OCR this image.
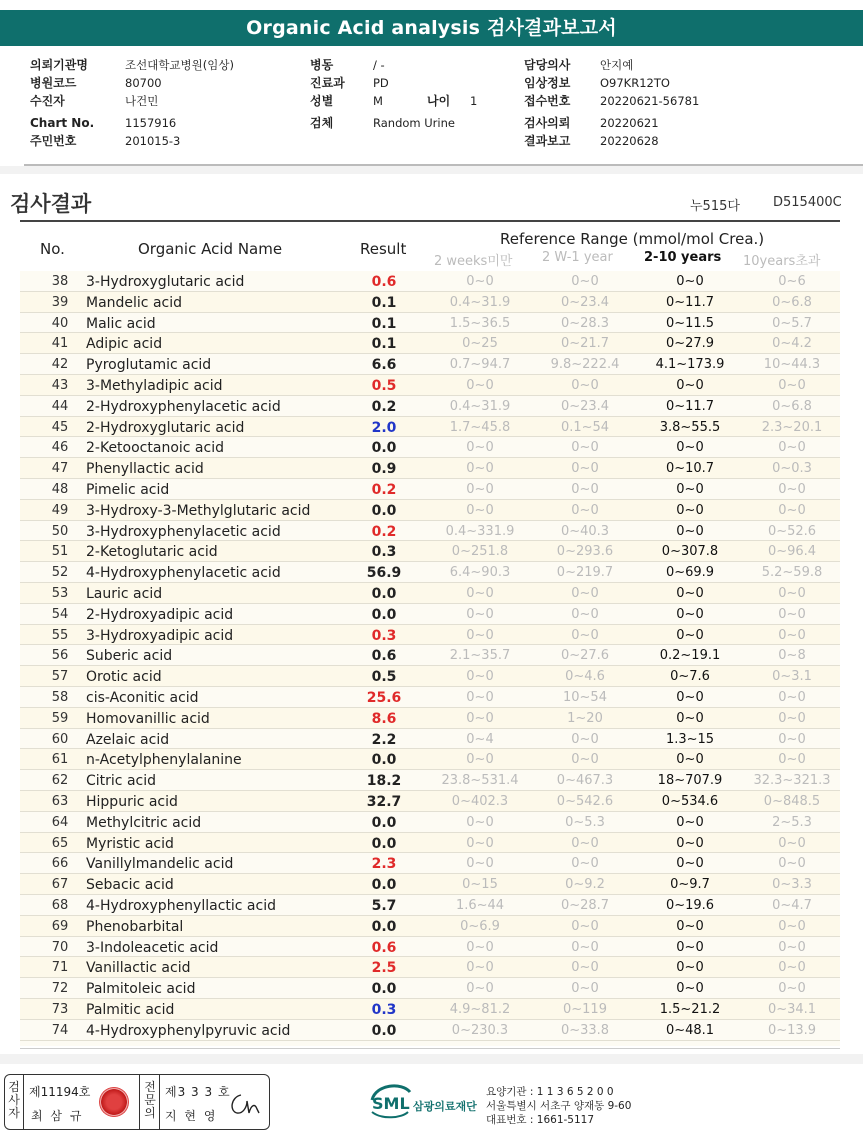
Organic Acid analysis 검사결과보고서
의뢰기관명	조선대학교병원(임상)
병원코드	80700
수진자	나건민
Chart No.	1157916
주민번호	201015-3
병동	/ -
진료과 PD
성별	M
검체	Random Urine
나이 1
담당의사	안지예
임상정보	O97KR12TO
접수번호	20220621-56781
검사의뢰	20220621
결과보고	20220628
검사결과	누515다	D515400C
No.	Organic Acid Name	Result
Reference Range (mmol/mol Crea.)
2 weeks미만 2 W-1 year 2-10 years 10years초과
38	3-Hydroxyglutaric acid	0.6	0~0	0~0	0~0	0~6
39	Mandelic acid	0.1	0.4~31.9	0~23.4	0~11.7	0~6.8
40	Malic acid	0.1	1.5~36.5	0~28.3	0~11.5	0~5.7
41	Adipic acid	0.1	0~25	0~21.7	0~27.9	0~4.2
42	Pyroglutamic acid	6.6	0.7~94.7	9.8~222.4	4.1~173.9	10~44.3
43	3-Methyladipic acid	0.5	0~0	0~0	0~0	0~0
44	2-Hydroxyphenylacetic acid	0.2	0.4~31.9	0~23.4	0~11.7	0~6.8
45	2-Hydroxyglutaric acid	2.0	1.7~45.8	0.1~54	3.8~55.5	2.3~20.1
46	2-Ketooctanoic acid	0.0	0~0	0~0	0~0	0~0
47	Phenyllactic acid	0.9	0~0	0~0	0~10.7	0~0.3
48	Pimelic acid	0.2	0~0	0~0	0~0	0~0
49	3-Hydroxy-3-Methylglutaric acid	0.0	0~0	0~0	0~0	0~0
50	3-Hydroxyphenylacetic acid	0.2	0.4~331.9	0~40.3	0~0	0~52.6
51	2-Ketoglutaric acid	0.3	0~251.8	0~293.6	0~307.8	0~96.4
52	4-Hydroxyphenylacetic acid	56.9	6.4~90.3	0~219.7	0~69.9	5.2~59.8
53	Lauric acid	0.0	0~0	0~0	0~0	0~0
54	2-Hydroxyadipic acid	0.0	0~0	0~0	0~0	0~0
55	3-Hydroxyadipic acid	0.3	0~0	0~0	0~0	0~0
56	Suberic acid	0.6	2.1~35.7	0~27.6	0.2~19.1	0~8
57	Orotic acid	0.5	0~0	0~4.6	0~7.6	0~3.1
58	cis-Aconitic acid	25.6	0~0	10~54	0~0	0~0
59	Homovanillic acid	8.6	0~0	1~20	0~0	0~0
60	Azelaic acid	2.2	0~4	0~0	1.3~15	0~0
61	n-Acetylphenylalanine	0.0	0~0	0~0	0~0	0~0
62	Citric acid	18.2	23.8~531.4	0~467.3	18~707.9	32.3~321.3
63	Hippuric acid	32.7	0~402.3	0~542.6	0~534.6	0~848.5
64	Methylcitric acid	0.0	0~0	0~5.3	0~0	2~5.3
65	Myristic acid	0.0	0~0	0~0	0~0	0~0
66	Vanillylmandelic acid	2.3	0~0	0~0	0~0	0~0
67	Sebacic acid	0.0	0~15	0~9.2	0~9.7	0~3.3
68	4-Hydroxyphenyllactic acid	5.7	1.6~44	0~28.7	0~19.6	0~4.7
69	Phenobarbital	0.0	0~6.9	0~0	0~0	0~0
70	3-Indoleacetic acid	0.6	0~0	0~0	0~0	0~0
71	Vanillactic acid	2.5	0~0	0~0	0~0	0~0
72	Palmitoleic acid	0.0	0~0	0~0	0~0	0~0
73	Palmitic acid	0.3	4.9~81.2	0~119	1.5~21.2	0~34.1
74	4-Hydroxyphenylpyruvic acid	0.0	0~230.3	0~33.8	0~48.1	0~13.9
검
사
자
제11194호
최 삼 규
전
문
의
제3 3 3 호
지 현 영
SML 삼광의료재단
요양기관 : 1 1 3 6 5 2 0 0
서울특별시 서초구 양재동 9-60
대표번호 : 1661-5117
